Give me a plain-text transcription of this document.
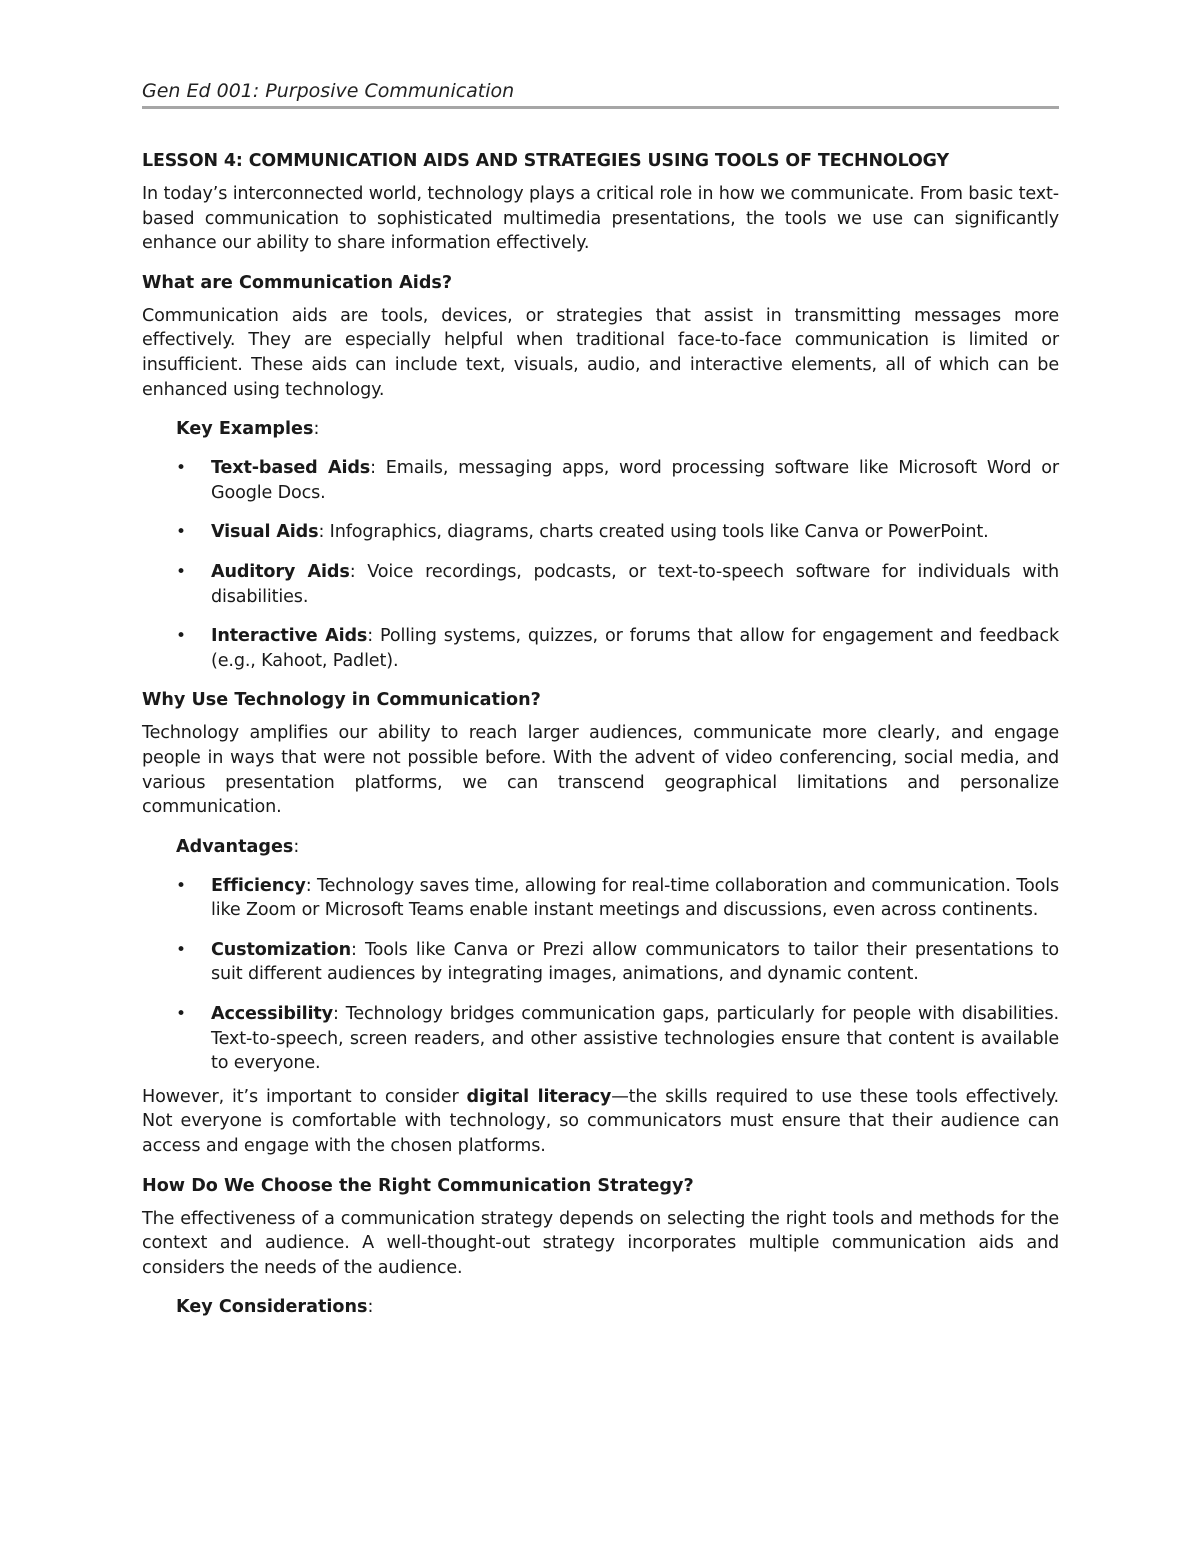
Gen Ed 001: Purposive Communication
LESSON 4: COMMUNICATION AIDS AND STRATEGIES USING TOOLS OF TECHNOLOGY

In today’s interconnected world, technology plays a critical role in how we communicate. From basic text-based communication to sophisticated multimedia presentations, the tools we use can significantly enhance our ability to share information effectively.

What are Communication Aids?

Communication aids are tools, devices, or strategies that assist in transmitting messages more effectively. They are especially helpful when traditional face-to-face communication is limited or insufficient. These aids can include text, visuals, audio, and interactive elements, all of which can be enhanced using technology.

Key Examples:
• Text-based Aids: Emails, messaging apps, word processing software like Microsoft Word or Google Docs.
• Visual Aids: Infographics, diagrams, charts created using tools like Canva or PowerPoint.
• Auditory Aids: Voice recordings, podcasts, or text-to-speech software for individuals with disabilities.
• Interactive Aids: Polling systems, quizzes, or forums that allow for engagement and feedback (e.g., Kahoot, Padlet).
Why Use Technology in Communication?

Technology amplifies our ability to reach larger audiences, communicate more clearly, and engage people in ways that were not possible before. With the advent of video conferencing, social media, and various presentation platforms, we can transcend geographical limitations and personalize communication.

Advantages:
• Efficiency: Technology saves time, allowing for real-time collaboration and communication. Tools like Zoom or Microsoft Teams enable instant meetings and discussions, even across continents.
• Customization: Tools like Canva or Prezi allow communicators to tailor their presentations to suit different audiences by integrating images, animations, and dynamic content.
• Accessibility: Technology bridges communication gaps, particularly for people with disabilities. Text-to-speech, screen readers, and other assistive technologies ensure that content is available to everyone.

However, it’s important to consider digital literacy—the skills required to use these tools effectively. Not everyone is comfortable with technology, so communicators must ensure that their audience can access and engage with the chosen platforms.

How Do We Choose the Right Communication Strategy?

The effectiveness of a communication strategy depends on selecting the right tools and methods for the context and audience. A well-thought-out strategy incorporates multiple communication aids and considers the needs of the audience.

Key Considerations:
